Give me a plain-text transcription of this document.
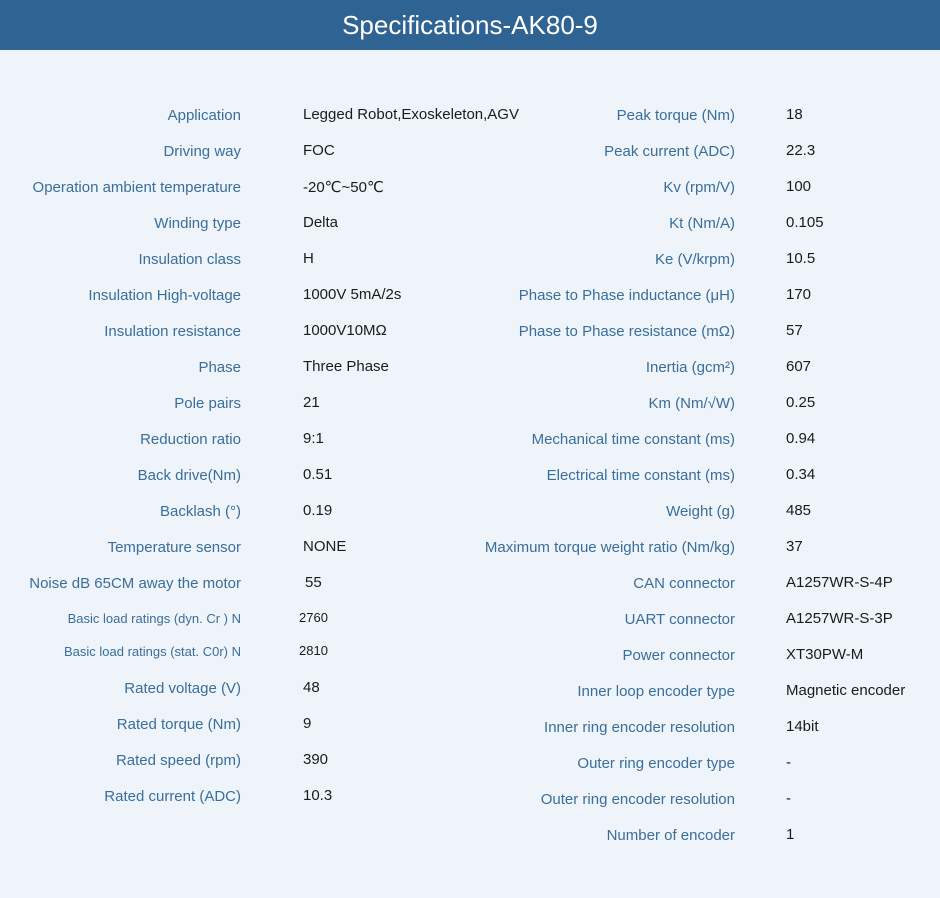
Specifications-AK80-9
Application	Legged Robot,Exoskeleton,AGV
Driving way	FOC
Operation ambient temperature	-20℃~50℃
Winding type	Delta
Insulation class	H
Insulation High-voltage	1000V 5mA/2s
Insulation resistance	1000V10MΩ
Phase	Three Phase
Pole pairs	21
Reduction ratio	9:1
Back drive(Nm)	0.51
Backlash (°)	0.19
Temperature sensor	NONE
Noise dB 65CM away the motor	55
Basic load ratings (dyn. Cr ) N	2760
Basic load ratings (stat. C0r) N	2810
Rated voltage (V)	48
Rated torque (Nm)	9
Rated speed (rpm)	390
Rated current (ADC)	10.3
Peak torque (Nm)	18
Peak current (ADC)	22.3
Kv (rpm/V)	100
Kt (Nm/A)	0.105
Ke (V/krpm)	10.5
Phase to Phase inductance (μH)	170
Phase to Phase resistance (mΩ)	57
Inertia (gcm²)	607
Km (Nm/√W)	0.25
Mechanical time constant (ms)	0.94
Electrical time constant (ms)	0.34
Weight (g)	485
Maximum torque weight ratio (Nm/kg)	37
CAN connector	A1257WR-S-4P
UART connector	A1257WR-S-3P
Power connector	XT30PW-M
Inner loop encoder type	Magnetic encoder
Inner ring encoder resolution	14bit
Outer ring encoder type	-
Outer ring encoder resolution	-
Number of encoder	1
